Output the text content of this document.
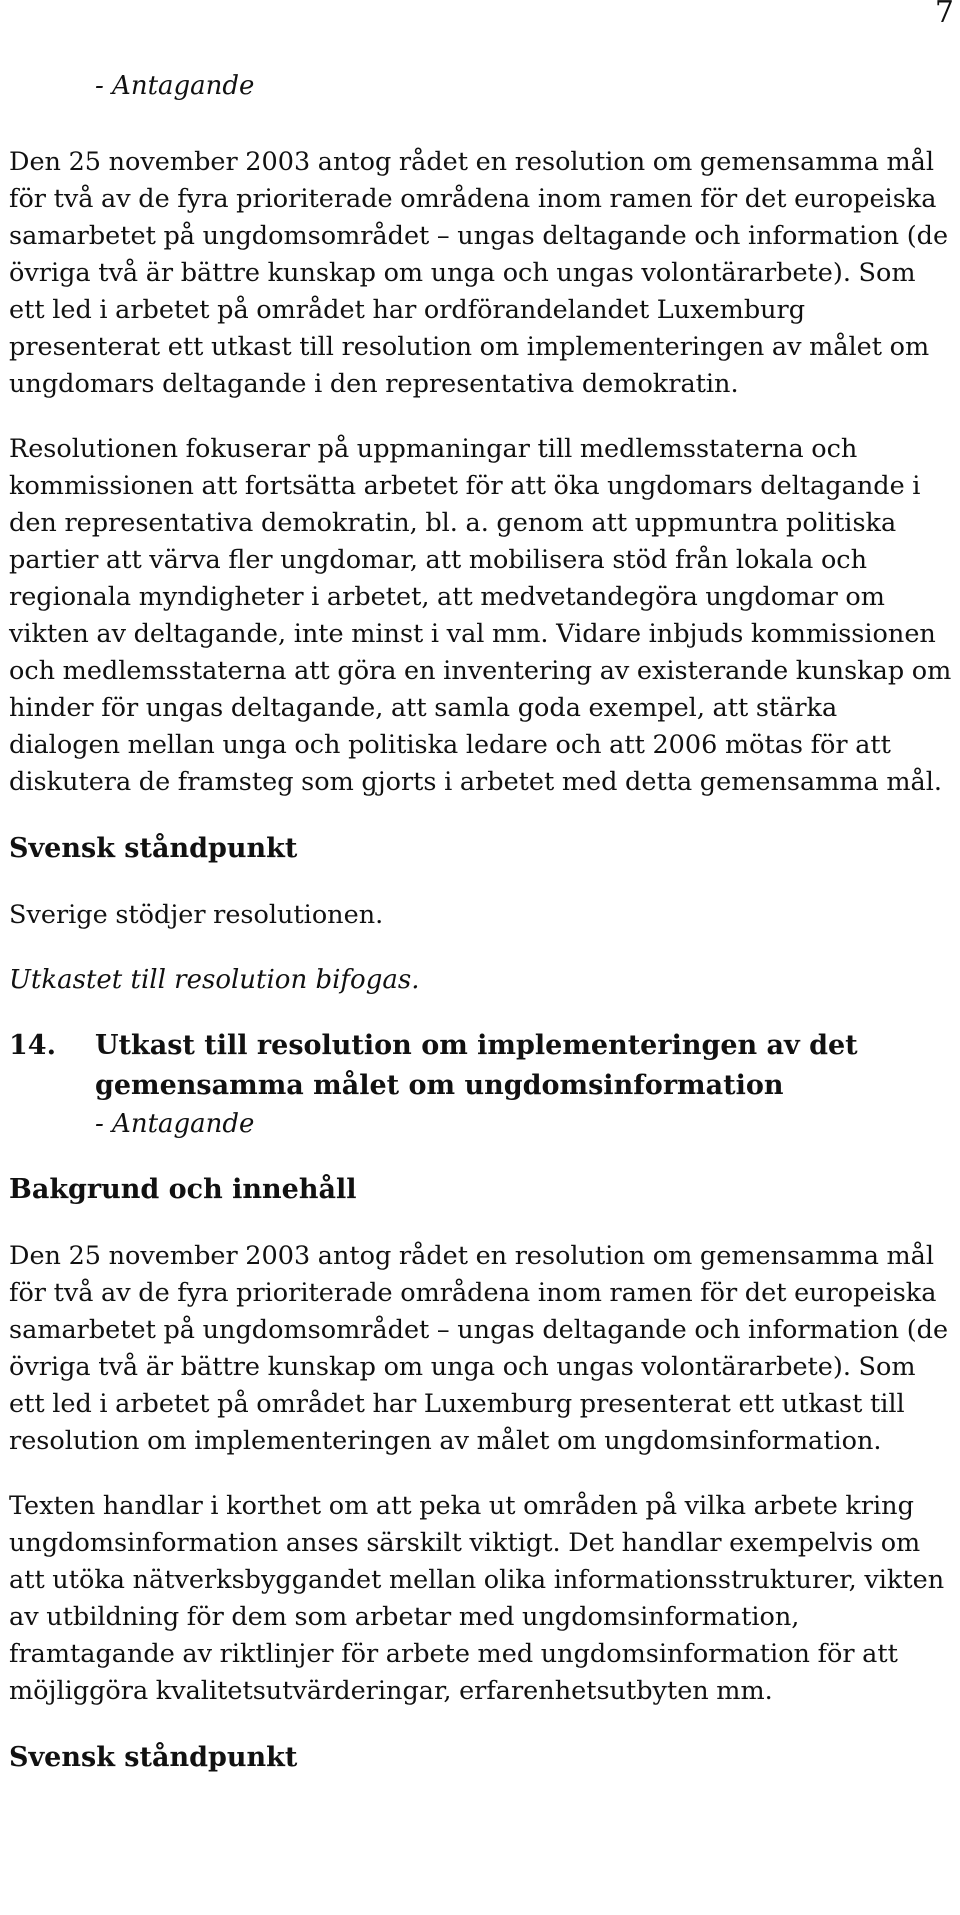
7

- Antagande

Den 25 november 2003 antog rådet en resolution om gemensamma mål för två av de fyra prioriterade områdena inom ramen för det europeiska samarbetet på ungdomsområdet – ungas deltagande och information (de övriga två är bättre kunskap om unga och ungas volontärarbete). Som ett led i arbetet på området har ordförandelandet Luxemburg presenterat ett utkast till resolution om implementeringen av målet om ungdomars deltagande i den representativa demokratin.

Resolutionen fokuserar på uppmaningar till medlemsstaterna och kommissionen att fortsätta arbetet för att öka ungdomars deltagande i den representativa demokratin, bl. a. genom att uppmuntra politiska partier att värva fler ungdomar, att mobilisera stöd från lokala och regionala myndigheter i arbetet, att medvetandegöra ungdomar om vikten av deltagande, inte minst i val mm. Vidare inbjuds kommissionen och medlemsstaterna att göra en inventering av existerande kunskap om hinder för ungas deltagande, att samla goda exempel, att stärka dialogen mellan unga och politiska ledare och att 2006 mötas för att diskutera de framsteg som gjorts i arbetet med detta gemensamma mål.

Svensk ståndpunkt

Sverige stödjer resolutionen.

Utkastet till resolution bifogas.

14.	Utkast till resolution om implementeringen av det

gemensamma målet om ungdomsinformation

- Antagande

Bakgrund och innehåll

Den 25 november 2003 antog rådet en resolution om gemensamma mål för två av de fyra prioriterade områdena inom ramen för det europeiska samarbetet på ungdomsområdet – ungas deltagande och information (de övriga två är bättre kunskap om unga och ungas volontärarbete). Som ett led i arbetet på området har Luxemburg presenterat ett utkast till resolution om implementeringen av målet om ungdomsinformation.

Texten handlar i korthet om att peka ut områden på vilka arbete kring ungdomsinformation anses särskilt viktigt. Det handlar exempelvis om att utöka nätverksbyggandet mellan olika informationsstrukturer, vikten av utbildning för dem som arbetar med ungdomsinformation, framtagande av riktlinjer för arbete med ungdomsinformation för att möjliggöra kvalitetsutvärderingar, erfarenhetsutbyten mm.

Svensk ståndpunkt
